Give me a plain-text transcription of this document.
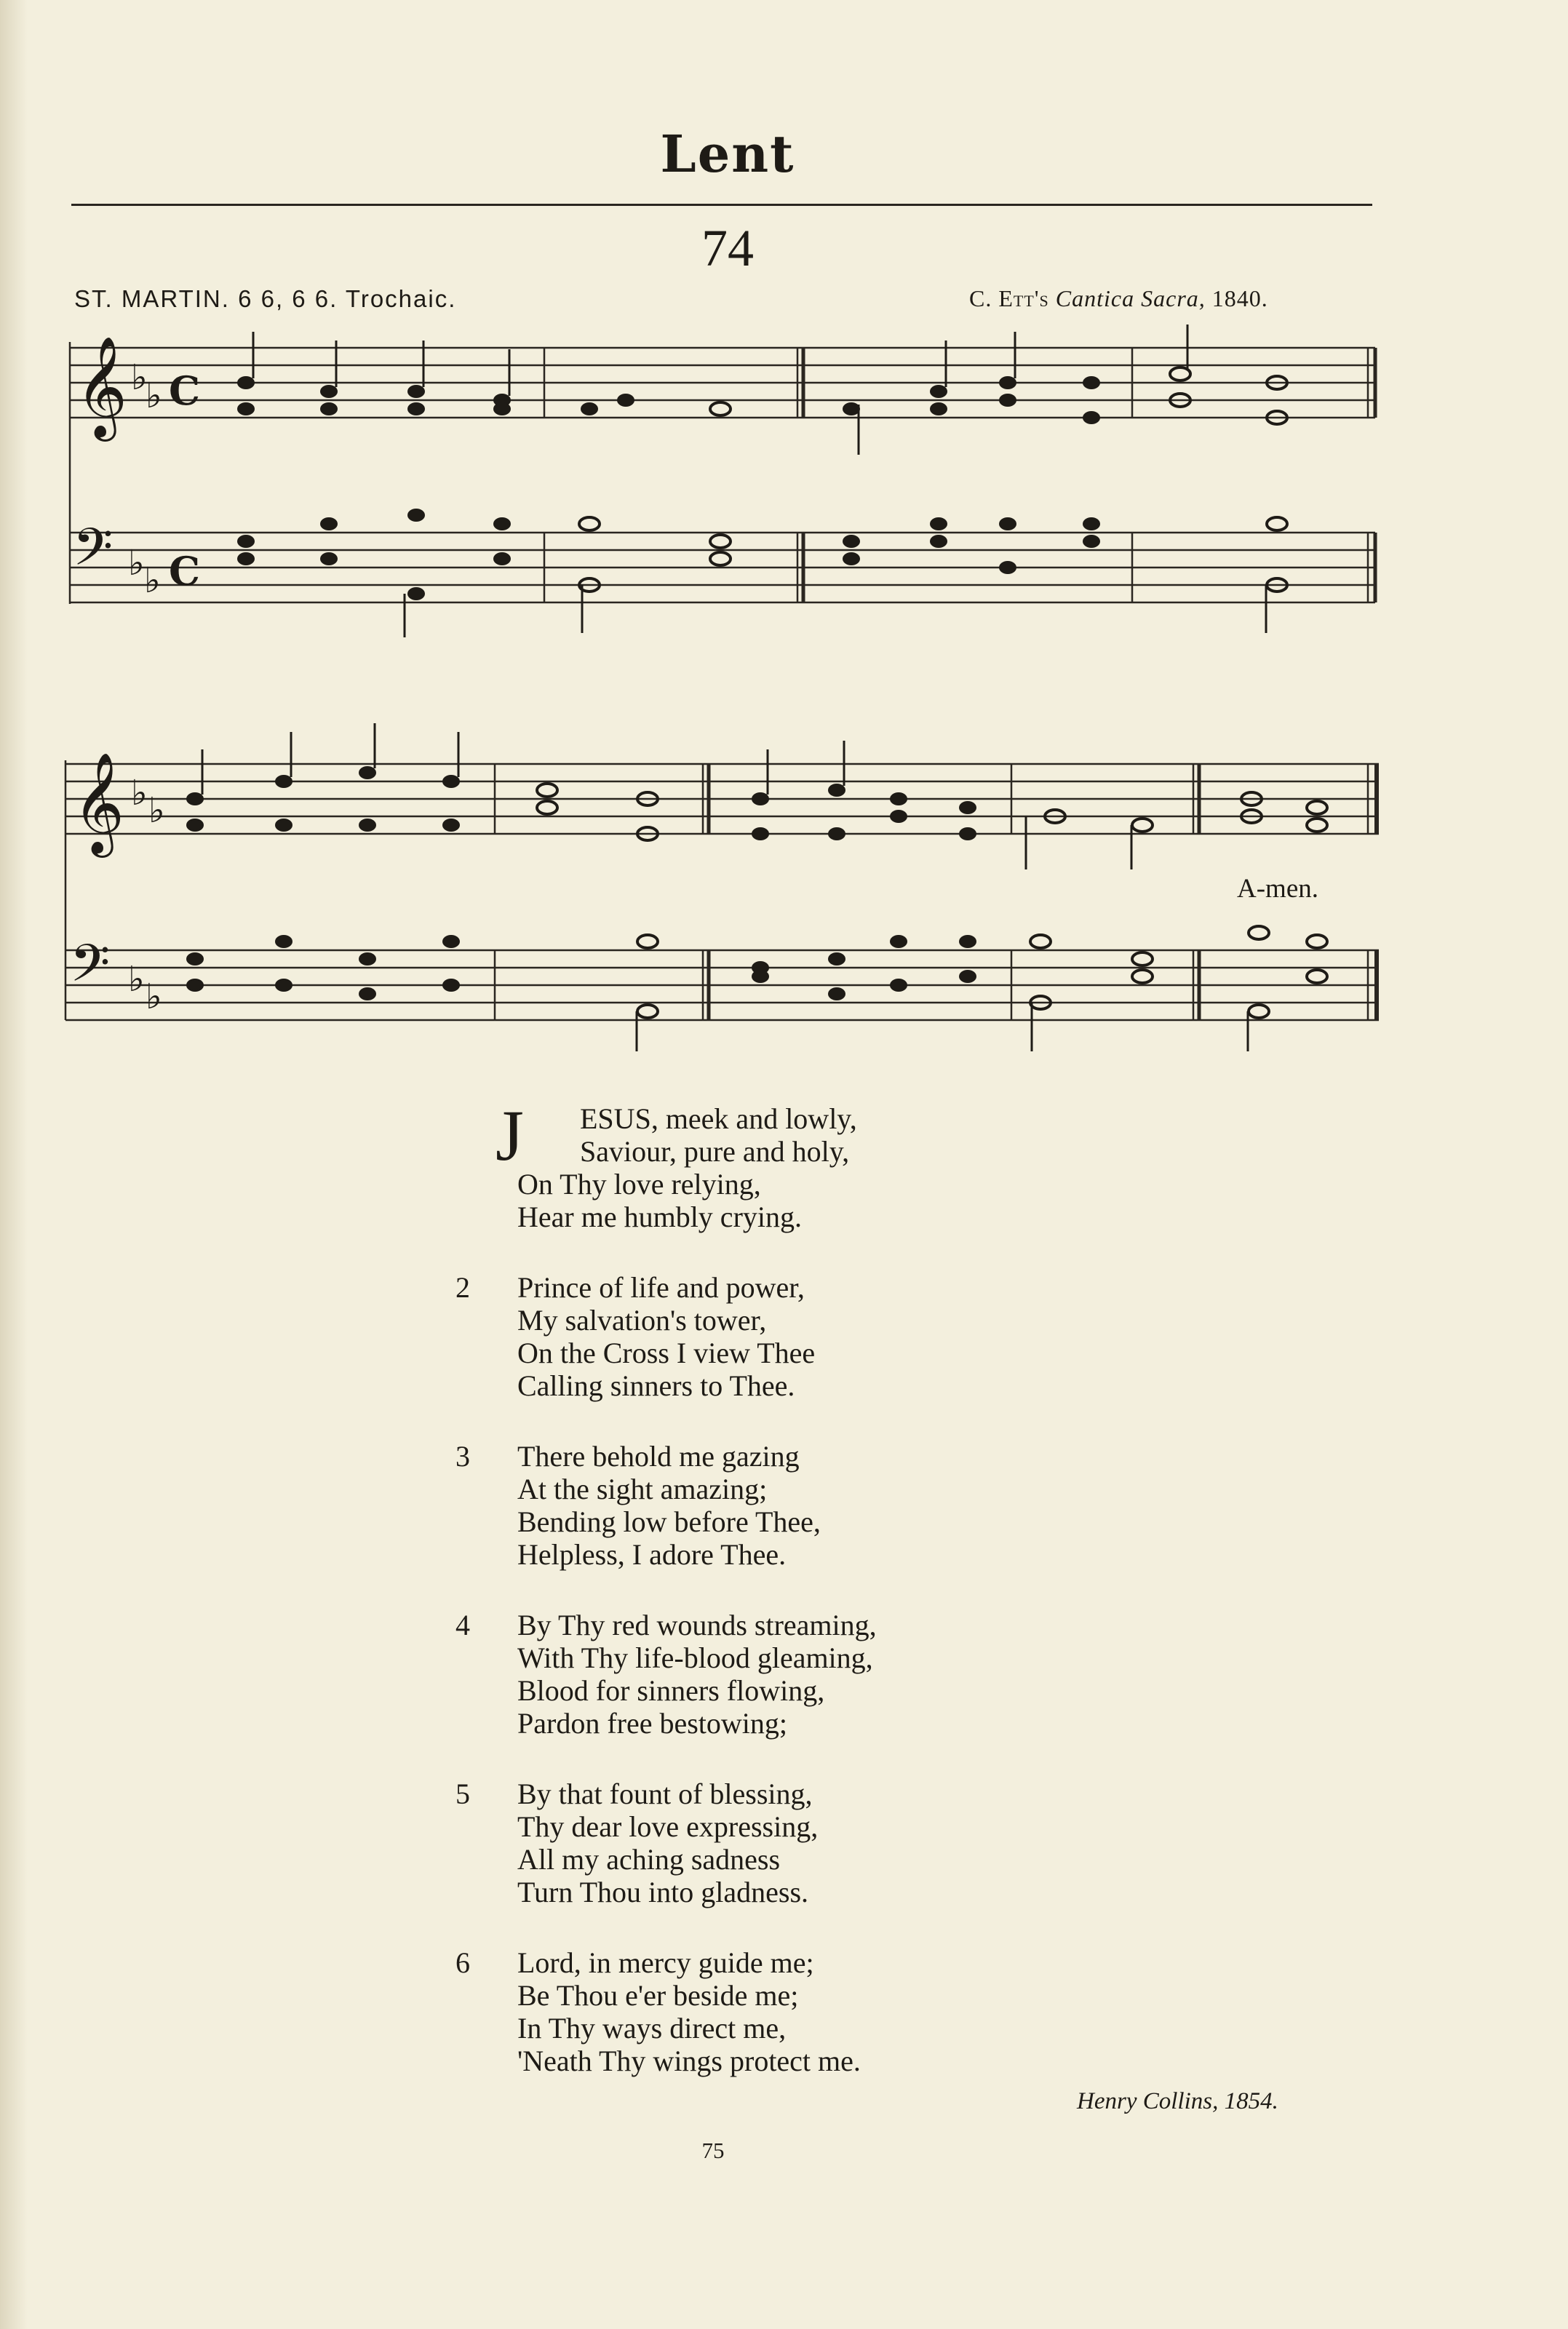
Lent
74
ST. MARTIN. 6 6, 6 6. Trochaic.	C. Ett's Cantica Sacra, 1840.
𝄞 ♭
♭ C
𝄢 ♭ ♭ C
𝄞 ♭ ♭
𝄢 ♭ ♭
A-men.
J	ESUS, meek and lowly,
Saviour, pure and holy,
On Thy love relying,
Hear me humbly crying.
2	Prince of life and power,
My salvation's tower,
On the Cross I view Thee
Calling sinners to Thee.
3	There behold me gazing
At the sight amazing;
Bending low before Thee,
Helpless, I adore Thee.
4	By Thy red wounds streaming,
With Thy life-blood gleaming,
Blood for sinners flowing,
Pardon free bestowing;
5	By that fount of blessing,
Thy dear love expressing,
All my aching sadness
Turn Thou into gladness.
6	Lord, in mercy guide me;
Be Thou e'er beside me;
In Thy ways direct me,
'Neath Thy wings protect me.
Henry Collins, 1854.
75
